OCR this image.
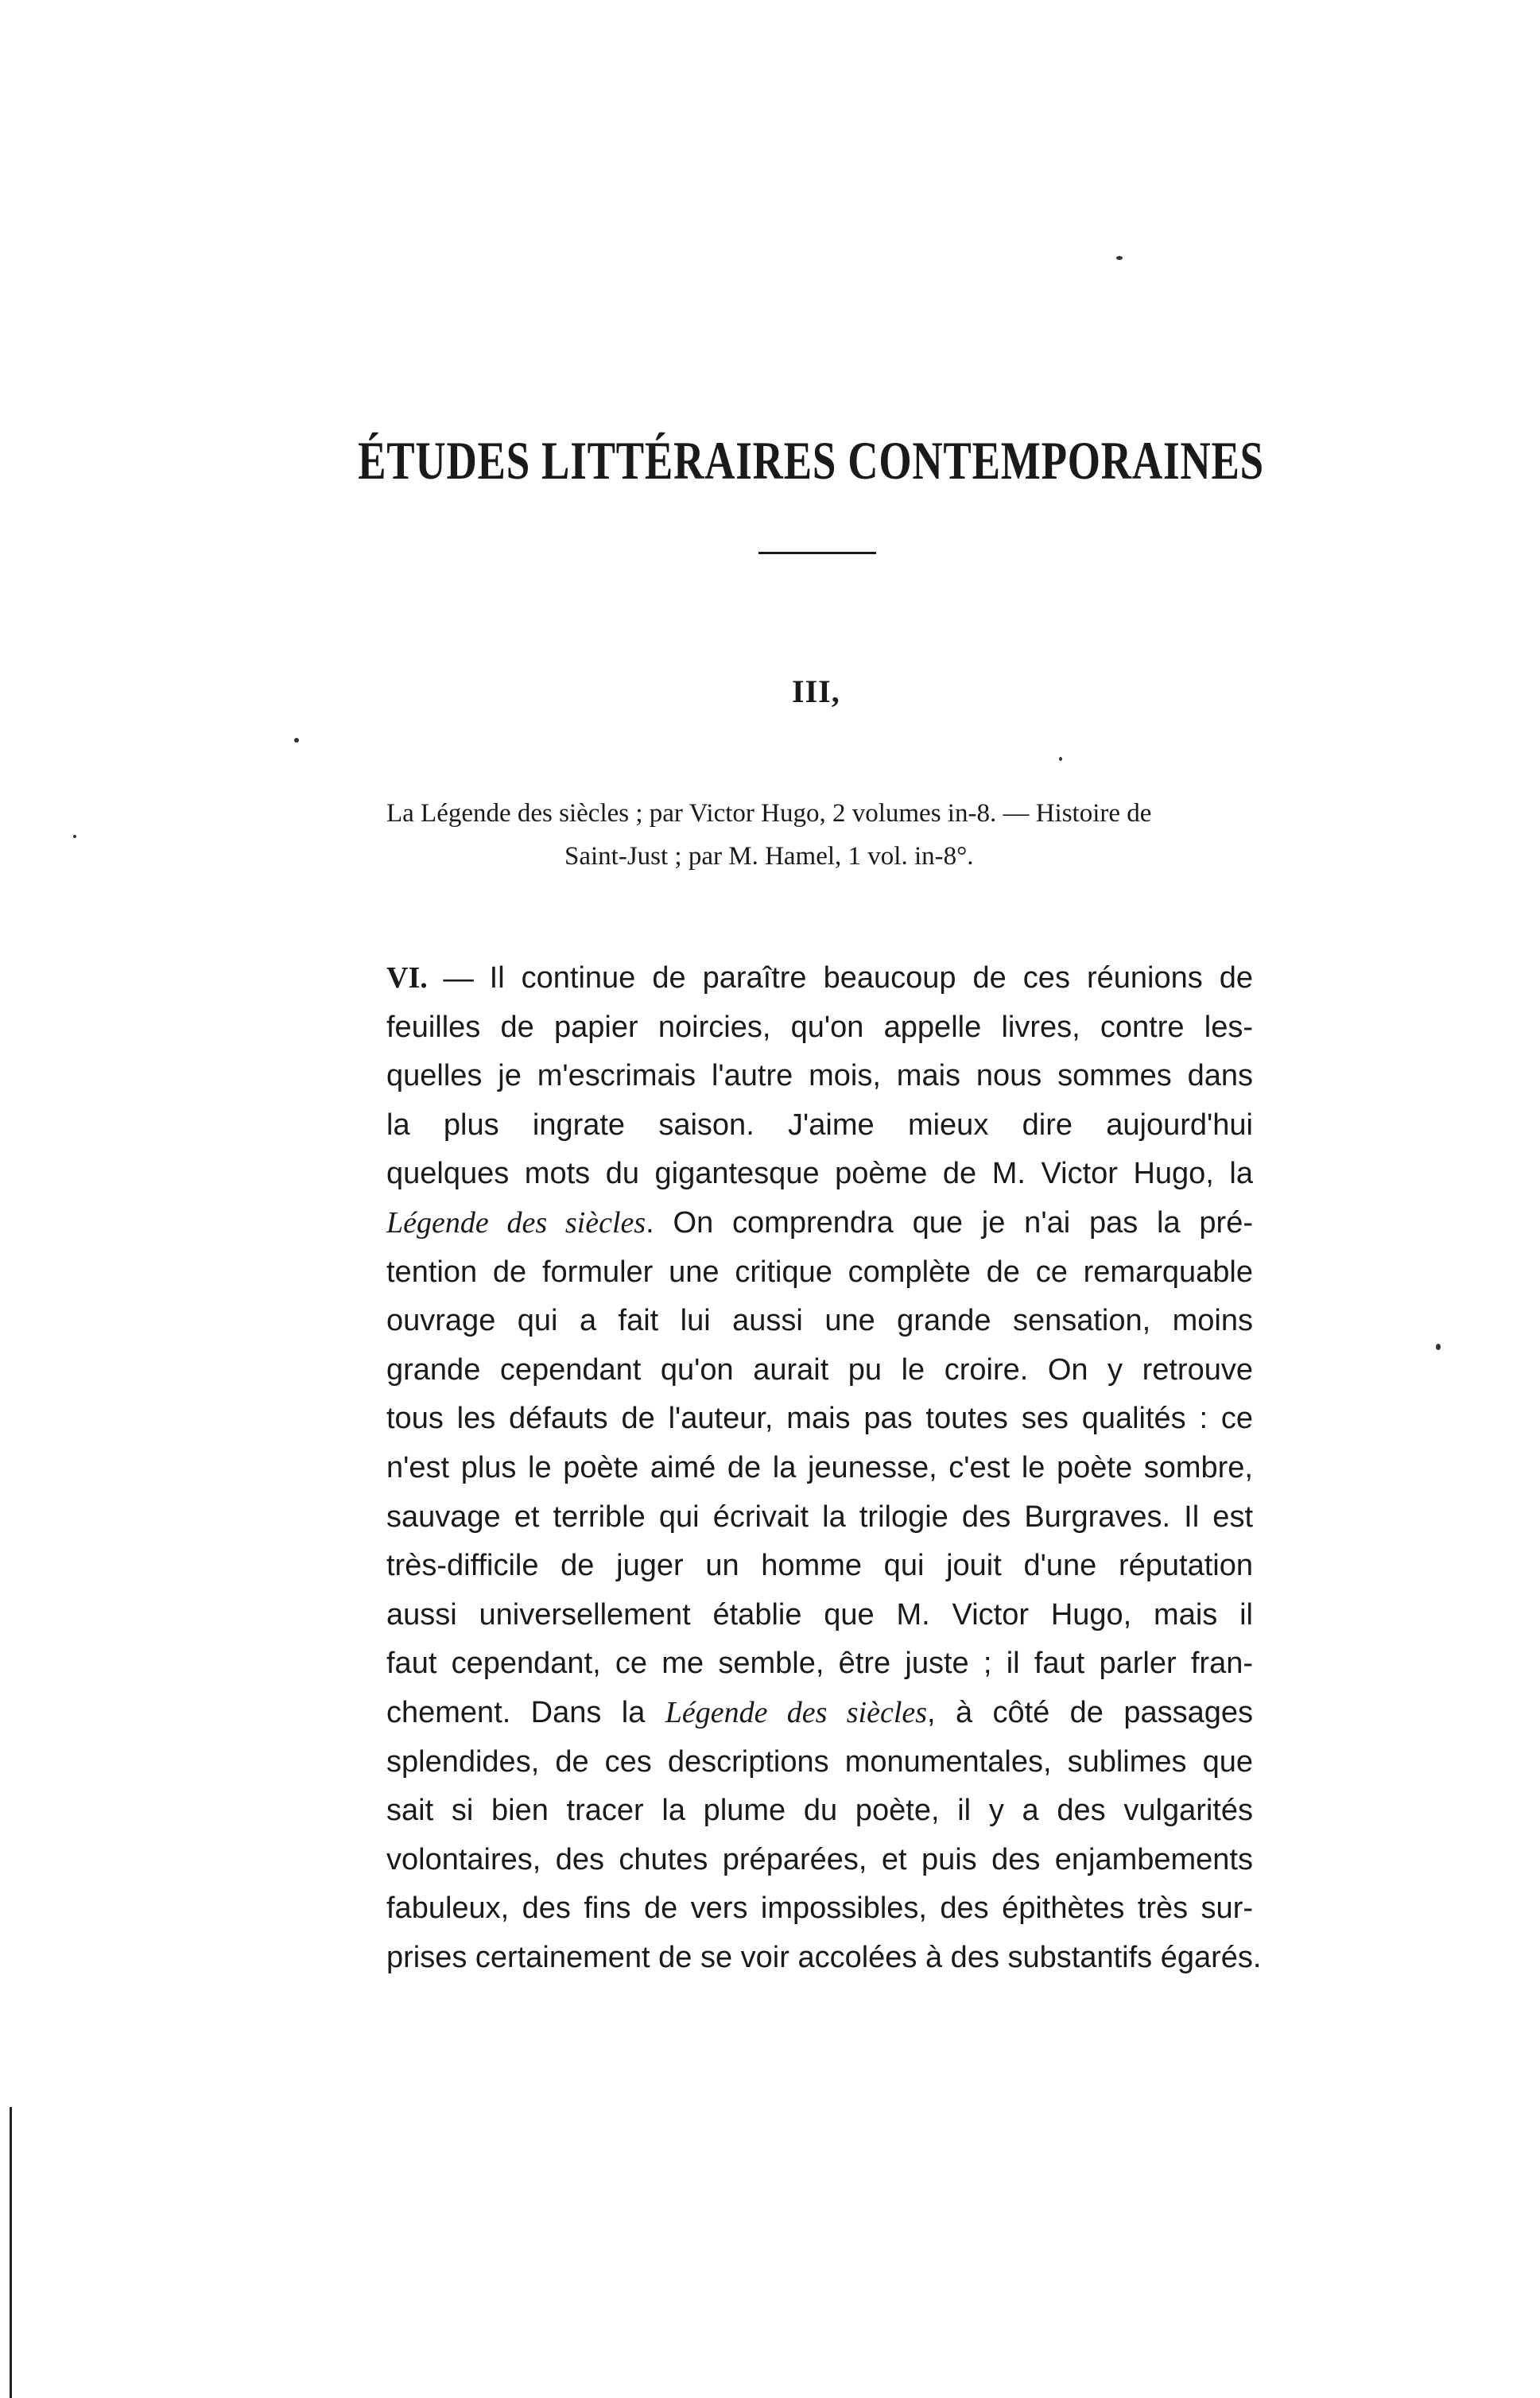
ÉTUDES LITTÉRAIRES CONTEMPORAINES
III,
La Légende des siècles ; par Victor Hugo, 2 volumes in-8. — Histoire de
Saint-Just ; par M. Hamel, 1 vol. in-8°.
VI. — Il continue de paraître beaucoup de ces réunions de
feuilles de papier noircies, qu'on appelle livres, contre les-
quelles je m'escrimais l'autre mois, mais nous sommes dans
la plus ingrate saison. J'aime mieux dire aujourd'hui
quelques mots du gigantesque poème de M. Victor Hugo, la
Légende des siècles. On comprendra que je n'ai pas la pré-
tention de formuler une critique complète de ce remarquable
ouvrage qui a fait lui aussi une grande sensation, moins
grande cependant qu'on aurait pu le croire. On y retrouve
tous les défauts de l'auteur, mais pas toutes ses qualités : ce
n'est plus le poète aimé de la jeunesse, c'est le poète sombre,
sauvage et terrible qui écrivait la trilogie des Burgraves. Il est
très-difficile de juger un homme qui jouit d'une réputation
aussi universellement établie que M. Victor Hugo, mais il
faut cependant, ce me semble, être juste ; il faut parler fran-
chement. Dans la Légende des siècles, à côté de passages
splendides, de ces descriptions monumentales, sublimes que
sait si bien tracer la plume du poète, il y a des vulgarités
volontaires, des chutes préparées, et puis des enjambements
fabuleux, des fins de vers impossibles, des épithètes très sur-
prises certainement de se voir accolées à des substantifs égarés.
